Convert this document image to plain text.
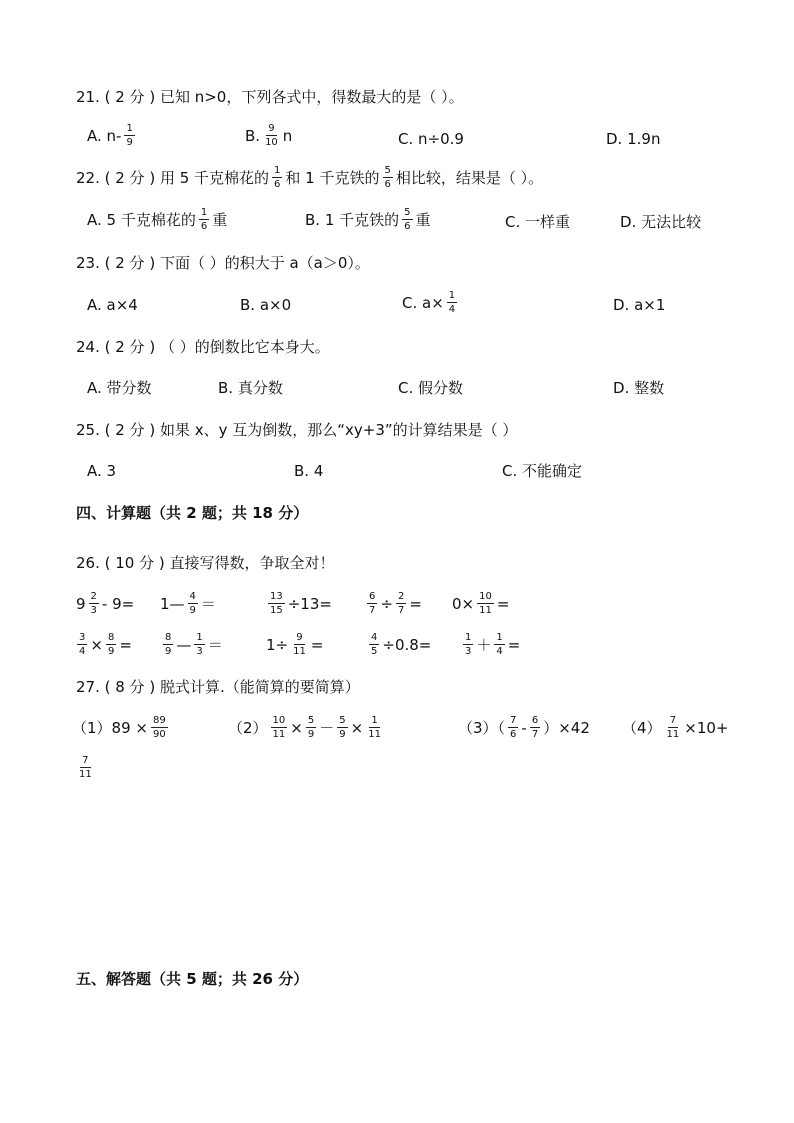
21. ( 2 分 ) 已知 n>0，下列各式中，得数最大的是（ ）。
A. $n- \frac{1}{9}$	B. $\frac{9}{10}$ n	C. n÷0.9	D. 1.9n
22. ( 2 分 ) 用 5 千克棉花的 $\frac{1}{6}$ 和 1 千克铁的 $\frac{5}{6}$ 相比较，结果是（ ）。
A. 5 千克棉花的 $\frac{1}{6}$ 重	B. 1 千克铁的 $\frac{5}{6}$ 重	C. 一样重	D. 无法比较
23. ( 2 分 ) 下面（ ）的积大于 a（a＞0）。
A. a×4	B. a×0	C. $a\times \frac{1}{4}$	D. a×1
24. ( 2 分 ) （ ）的倒数比它本身大。
A. 带分数	B. 真分数	C. 假分数	D. 整数
25. ( 2 分 ) 如果 x、y 互为倒数，那么“xy+3”的计算结果是（ ）
A. 3	B. 4	C. 不能确定
四、计算题（共 2 题；共 18 分）
26. ( 10 分 ) 直接写得数，争取全对！
$9 \frac{2}{3} - 9=$ 1— $\frac{4}{9}$ ＝	$\frac{13}{15} \div 13=$	$\frac{6}{7} \div \frac{2}{7} = 0\times \frac{10}{11}$ =
$\frac{3}{4} \times \frac{8}{9}$ =	$\frac{8}{9}$ — $\frac{1}{3}$ ＝	$1\div \frac{9}{11}$ =	$\frac{4}{5} \div 0.8=$	$\frac{1}{3} + \frac{1}{4}$ =
27. ( 8 分 ) 脱式计算.（能简算的要简算）
$(1)89 \times \frac{89}{90}$	$(2) \frac{10}{11} \times \frac{5}{9} - \frac{5}{9} \times \frac{1}{11}$	$(3)( \frac{7}{6} - \frac{6}{7} )\times 42$ $(4) \frac{7}{11} \times 10+$
$\frac{7}{11}$
五、解答题（共 5 题；共 26 分）
